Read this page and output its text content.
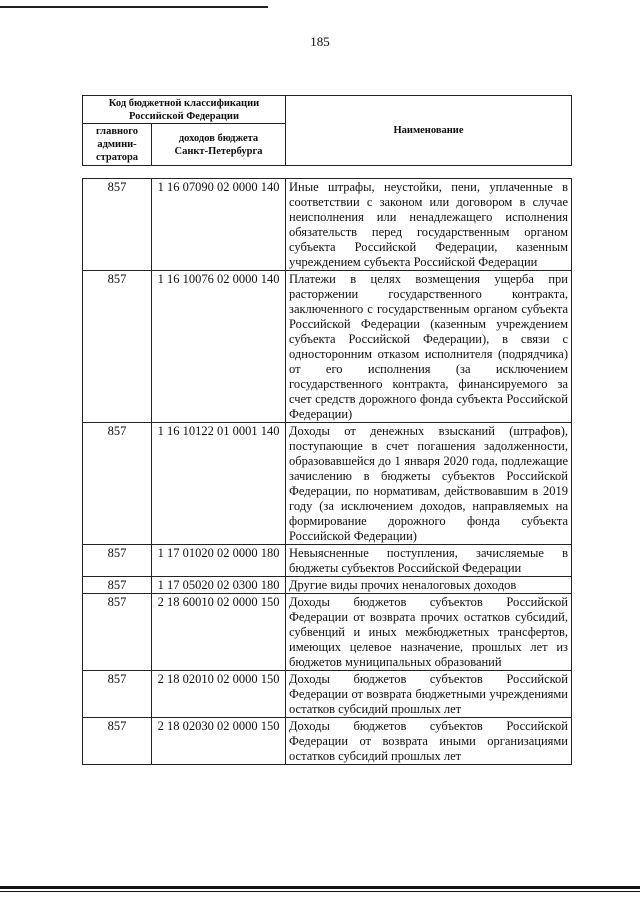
185
Код бюджетной классификации Российской Федерации		Наименование
главного админи-стратора	доходов бюджета Санкт-Петербурга	
857	1 16 07090 02 0000 140	Иные штрафы, неустойки, пени, уплаченные в соответствии с законом или договором в случае неисполнения или ненадлежащего исполнения обязательств перед государственным органом субъекта Российской Федерации, казенным учреждением субъекта Российской Федерации
857	1 16 10076 02 0000 140	Платежи в целях возмещения ущерба при расторжении государственного контракта, заключенного с государственным органом субъекта Российской Федерации (казенным учреждением субъекта Российской Федерации), в связи с односторонним отказом исполнителя (подрядчика) от его исполнения (за исключением государственного контракта, финансируемого за счет средств дорожного фонда субъекта Российской Федерации)
857	1 16 10122 01 0001 140	Доходы от денежных взысканий (штрафов), поступающие в счет погашения задолженности, образовавшейся до 1 января 2020 года, подлежащие зачислению в бюджеты субъектов Российской Федерации, по нормативам, действовавшим в 2019 году (за исключением доходов, направляемых на формирование дорожного фонда субъекта Российской Федерации)
857	1 17 01020 02 0000 180	Невыясненные поступления, зачисляемые в бюджеты субъектов Российской Федерации
857	1 17 05020 02 0300 180	Другие виды прочих неналоговых доходов
857	2 18 60010 02 0000 150	Доходы бюджетов субъектов Российской Федерации от возврата прочих остатков субсидий, субвенций и иных межбюджетных трансфертов, имеющих целевое назначение, прошлых лет из бюджетов муниципальных образований
857	2 18 02010 02 0000 150	Доходы бюджетов субъектов Российской Федерации от возврата бюджетными учреждениями остатков субсидий прошлых лет
857	2 18 02030 02 0000 150	Доходы бюджетов субъектов Российской Федерации от возврата иными организациями остатков субсидий прошлых лет
